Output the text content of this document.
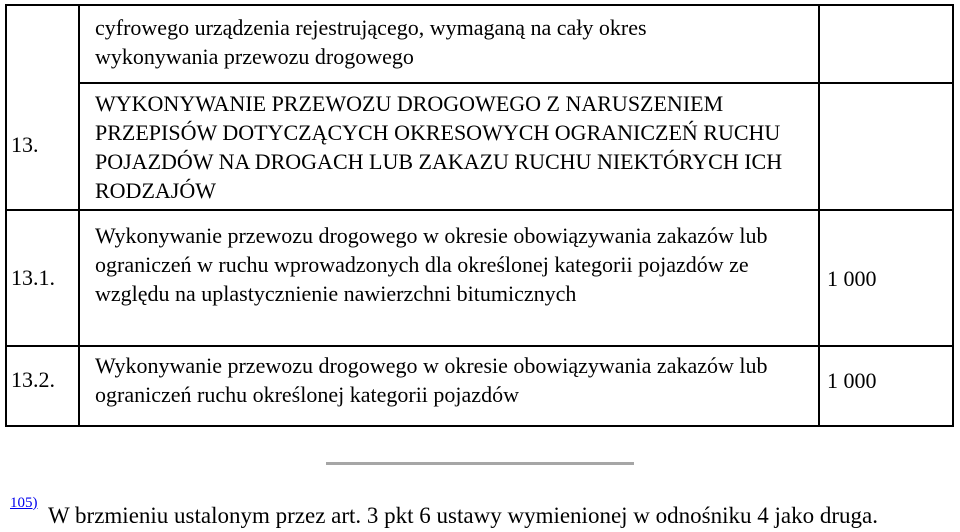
cyfrowego urządzenia rejestrującego, wymaganą na cały okres wykonywania przewozu drogowego
13.
WYKONYWANIE PRZEWOZU DROGOWEGO Z NARUSZENIEM PRZEPISÓW DOTYCZĄCYCH OKRESOWYCH OGRANICZEŃ RUCHU POJAZDÓW NA DROGACH LUB ZAKAZU RUCHU NIEKTÓRYCH ICH RODZAJÓW
13.1.
Wykonywanie przewozu drogowego w okresie obowiązywania zakazów lub ograniczeń w ruchu wprowadzonych dla określonej kategorii pojazdów ze względu na uplastycznienie nawierzchni bitumicznych
1 000
13.2.
Wykonywanie przewozu drogowego w okresie obowiązywania zakazów lub ograniczeń ruchu określonej kategorii pojazdów
1 000
105) W brzmieniu ustalonym przez art. 3 pkt 6 ustawy wymienionej w odnośniku 4 jako druga.
